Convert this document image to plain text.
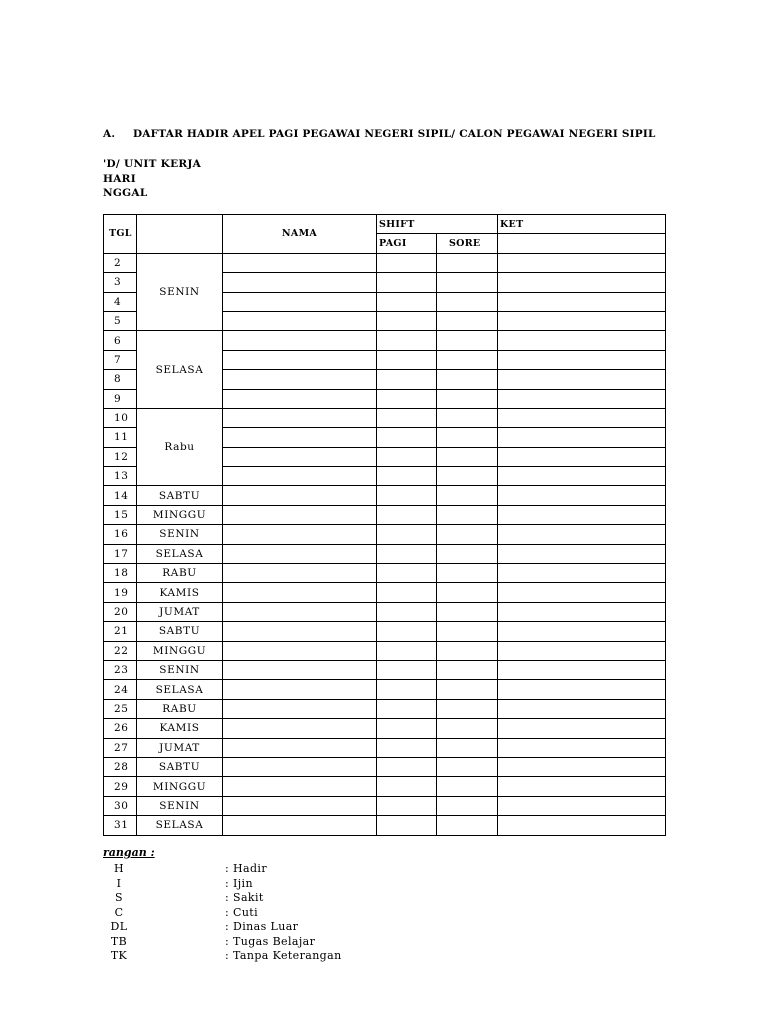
A. DAFTAR HADIR APEL PAGI PEGAWAI NEGERI SIPIL/ CALON PEGAWAI NEGERI SIPIL
'D/ UNIT KERJA
HARI
NGGAL
TGL		NAMA	SHIFT		KET
			PAGI	SORE	
2	SENIN				
3					
4					
5					
6	SELASA				
7					
8					
9					
10	Rabu				
11					
12					
13					
14	SABTU				
15	MINGGU				
16	SENIN				
17	SELASA				
18	RABU				
19	KAMIS				
20	JUMAT				
21	SABTU				
22	MINGGU				
23	SENIN				
24	SELASA				
25	RABU				
26	KAMIS				
27	JUMAT				
28	SABTU				
29	MINGGU				
30	SENIN				
31	SELASA				
rangan :
H	: Hadir
I	: Ijin
S	: Sakit
C	: Cuti
DL	: Dinas Luar
TB	: Tugas Belajar
TK	: Tanpa Keterangan
